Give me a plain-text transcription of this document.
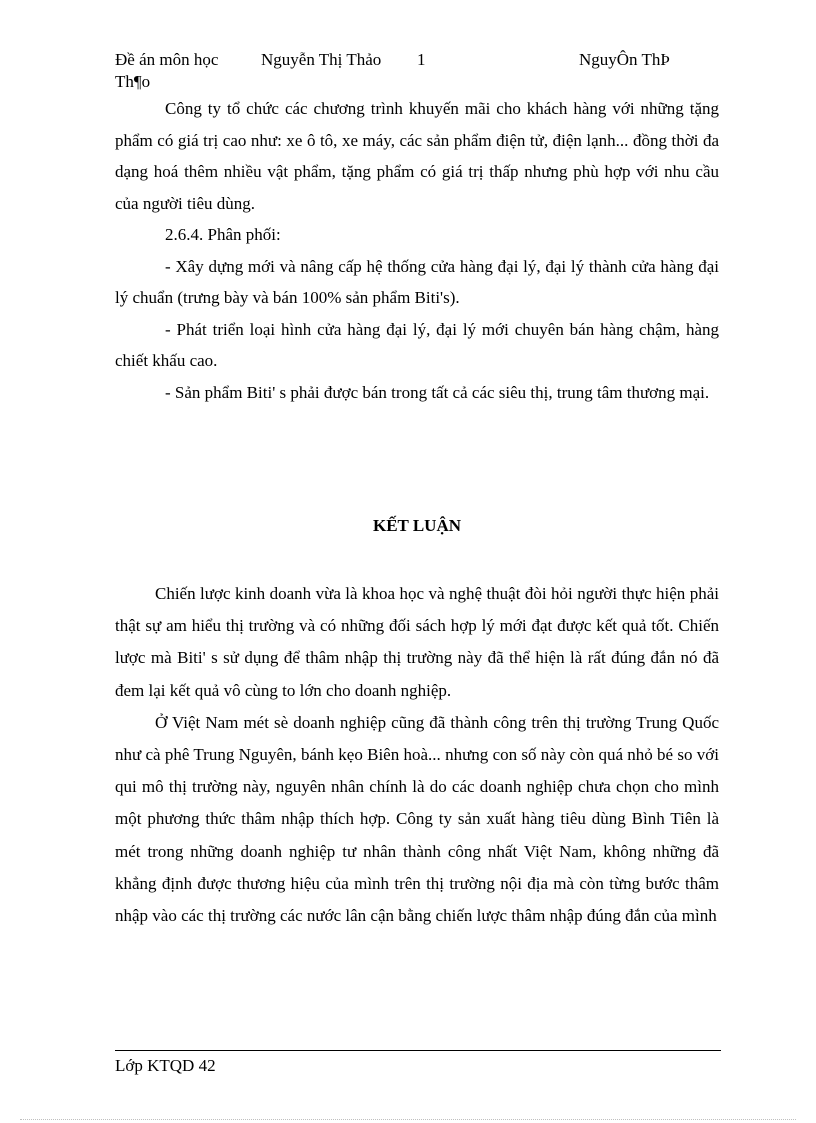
Đề án môn học	Nguyễn Thị Thảo 1	NguyÔn ThÞ
Th¶o

Công ty tổ chức các chương trình khuyến mãi cho khách hàng với những tặng phẩm có giá trị cao như: xe ô tô, xe máy, các sản phẩm điện tử, điện lạnh... đồng thời đa dạng hoá thêm nhiều vật phẩm, tặng phẩm có giá trị thấp nhưng phù hợp với nhu cầu của người tiêu dùng.

2.6.4. Phân phối:

- Xây dựng mới và nâng cấp hệ thống cửa hàng đại lý, đại lý thành cửa hàng đại lý chuẩn (trưng bày và bán 100% sản phẩm Biti's).

- Phát triển loại hình cửa hàng đại lý, đại lý mới chuyên bán hàng chậm, hàng chiết khấu cao.

- Sản phẩm Biti' s phải được bán trong tất cả các siêu thị, trung tâm thương mại.

KẾT LUẬN

Chiến lược kinh doanh vừa là khoa học và nghệ thuật đòi hỏi người thực hiện phải thật sự am hiểu thị trường và có những đối sách hợp lý mới đạt được kết quả tốt. Chiến lược mà Biti' s sử dụng để thâm nhập thị trường này đã thể hiện là rất đúng đắn nó đã đem lại kết quả vô cùng to lớn cho doanh nghiệp.

Ở Việt Nam mét sè doanh nghiệp cũng đã thành công trên thị trường Trung Quốc như cà phê Trung Nguyên, bánh kẹo Biên hoà... nhưng con số này còn quá nhỏ bé so với qui mô thị trường này, nguyên nhân chính là do các doanh nghiệp chưa chọn cho mình một phương thức thâm nhập thích hợp. Công ty sản xuất hàng tiêu dùng Bình Tiên là mét trong những doanh nghiệp tư nhân thành công nhất Việt Nam, không những đã khẳng định được thương hiệu của mình trên thị trường nội địa mà còn từng bước thâm nhập vào các thị trường các nước lân cận bằng chiến lược thâm nhập đúng đắn của mình

Lớp KTQD 42
